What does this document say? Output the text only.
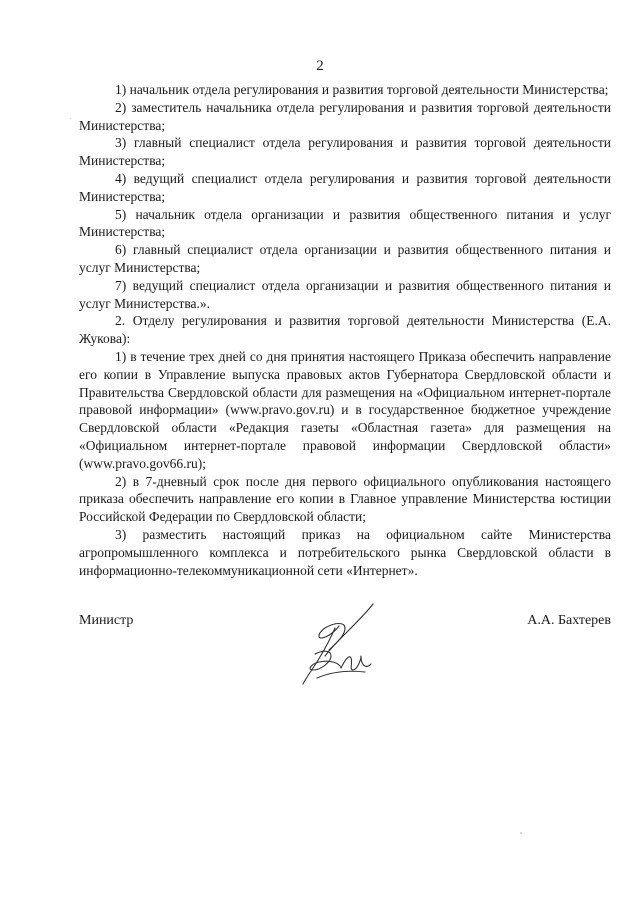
2

1) начальник отдела регулирования и развития торговой деятельности Министерства;

2) заместитель начальника отдела регулирования и развития торговой деятельности Министерства;

3) главный специалист отдела регулирования и развития торговой деятельности Министерства;

4) ведущий специалист отдела регулирования и развития торговой деятельности Министерства;

5) начальник отдела организации и развития общественного питания и услуг Министерства;

6) главный специалист отдела организации и развития общественного питания и услуг Министерства;

7) ведущий специалист отдела организации и развития общественного питания и услуг Министерства.».

2. Отделу регулирования и развития торговой деятельности Министерства (Е.А. Жукова):

1) в течение трех дней со дня принятия настоящего Приказа обеспечить направление его копии в Управление выпуска правовых актов Губернатора Свердловской области и Правительства Свердловской области для размещения на «Официальном интернет-портале правовой информации» (www.pravo.gov.ru) и в государственное бюджетное учреждение Свердловской области «Редакция газеты «Областная газета» для размещения на «Официальном интернет-портале правовой информации Свердловской области» (www.pravo.gov66.ru);

2) в 7-дневный срок после дня первого официального опубликования настоящего приказа обеспечить направление его копии в Главное управление Министерства юстиции Российской Федерации по Свердловской области;

3) разместить настоящий приказ на официальном сайте Министерства агропромышленного комплекса и потребительского рынка Свердловской области в информационно-телекоммуникационной сети «Интернет».

Министр	А.А. Бахтерев
